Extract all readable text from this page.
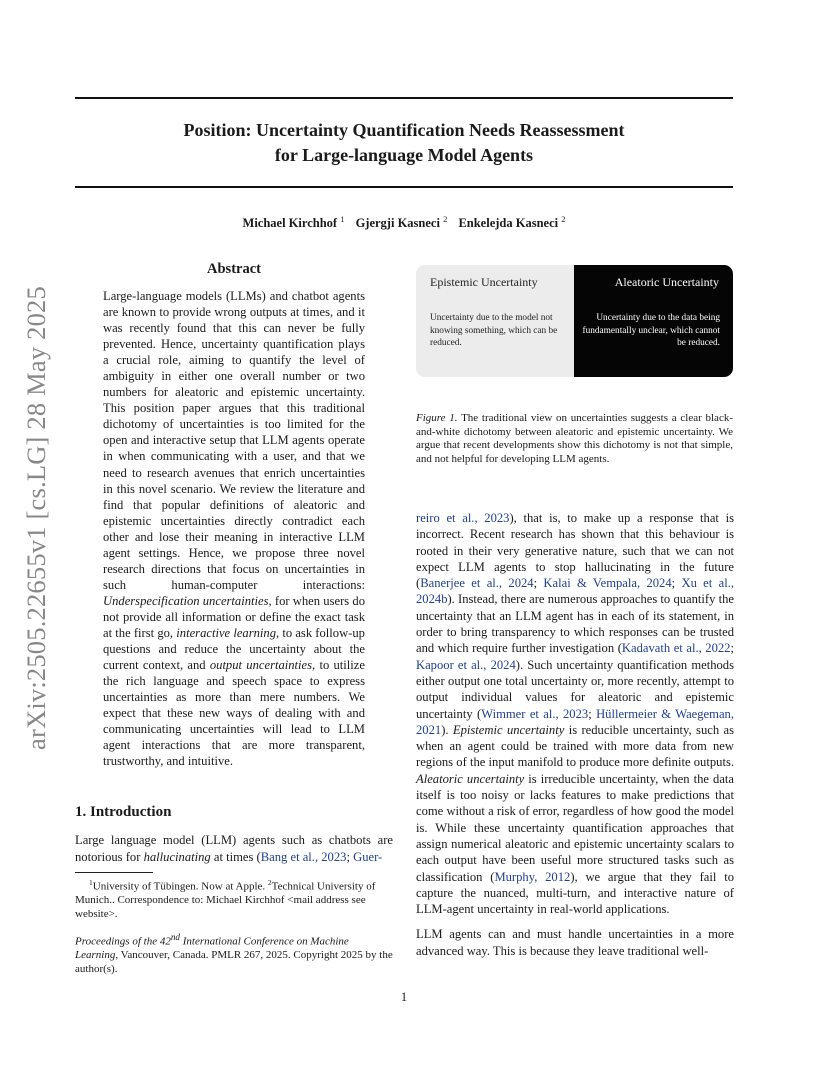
Position: Uncertainty Quantification Needs Reassessment
for Large-language Model Agents
Michael Kirchhof $^1$ Gjergji Kasneci $^2$ Enkelejda Kasneci $^2$
arXiv:2505.22655v1 [cs.LG] 28 May 2025
Abstract
Large-language models (LLMs) and chatbot agents are known to provide wrong outputs at times, and it was recently found that this can never be fully prevented. Hence, uncertainty quantification plays a crucial role, aiming to quantify the level of ambiguity in either one overall number or two numbers for aleatoric and epistemic uncertainty. This position paper argues that this traditional dichotomy of uncertainties is too limited for the open and interactive setup that LLM agents operate in when communicating with a user, and that we need to research avenues that enrich uncertainties in this novel scenario. We review the literature and find that popular definitions of aleatoric and epistemic uncertainties directly contradict each other and lose their meaning in interactive LLM agent settings. Hence, we propose three novel research directions that focus on uncertainties in such human-computer interactions: Underspecification uncertainties, for when users do not provide all information or define the exact task at the first go, interactive learning, to ask follow-up questions and reduce the uncertainty about the current context, and output uncertainties, to utilize the rich language and speech space to express uncertainties as more than mere numbers. We expect that these new ways of dealing with and communicating uncertainties will lead to LLM agent interactions that are more transparent, trustworthy, and intuitive.
1. Introduction
Large language model (LLM) agents such as chatbots are notorious for hallucinating at times (Bang et al., 2023; Guer-
$^1$University of Tübingen. Now at Apple. $^2$Technical University of Munich.. Correspondence to: Michael Kirchhof <mail address see website>.
Proceedings of the 42nd International Conference on Machine Learning, Vancouver, Canada. PMLR 267, 2025. Copyright 2025 by the author(s).
Epistemic Uncertainty
Uncertainty due to the model not knowing something, which can be reduced.
Aleatoric Uncertainty
Uncertainty due to the data being fundamentally unclear, which cannot be reduced.
Figure 1. The traditional view on uncertainties suggests a clear black-and-white dichotomy between aleatoric and epistemic uncertainty. We argue that recent developments show this dichotomy is not that simple, and not helpful for developing LLM agents.

reiro et al., 2023), that is, to make up a response that is incorrect. Recent research has shown that this behaviour is rooted in their very generative nature, such that we can not expect LLM agents to stop hallucinating in the future (Banerjee et al., 2024; Kalai & Vempala, 2024; Xu et al., 2024b). Instead, there are numerous approaches to quantify the uncertainty that an LLM agent has in each of its statement, in order to bring transparency to which responses can be trusted and which require further investigation (Kadavath et al., 2022; Kapoor et al., 2024). Such uncertainty quantification methods either output one total uncertainty or, more recently, attempt to output individual values for aleatoric and epistemic uncertainty (Wimmer et al., 2023; Hüllermeier & Waegeman, 2021). Epistemic uncertainty is reducible uncertainty, such as when an agent could be trained with more data from new regions of the input manifold to produce more definite outputs. Aleatoric uncertainty is irreducible uncertainty, when the data itself is too noisy or lacks features to make predictions that come without a risk of error, regardless of how good the model is. While these uncertainty quantification approaches that assign numerical aleatoric and epistemic uncertainty scalars to each output have been useful more structured tasks such as classification (Murphy, 2012), we argue that they fail to capture the nuanced, multi-turn, and interactive nature of LLM-agent uncertainty in real-world applications.

LLM agents can and must handle uncertainties in a more advanced way. This is because they leave traditional well-

1
